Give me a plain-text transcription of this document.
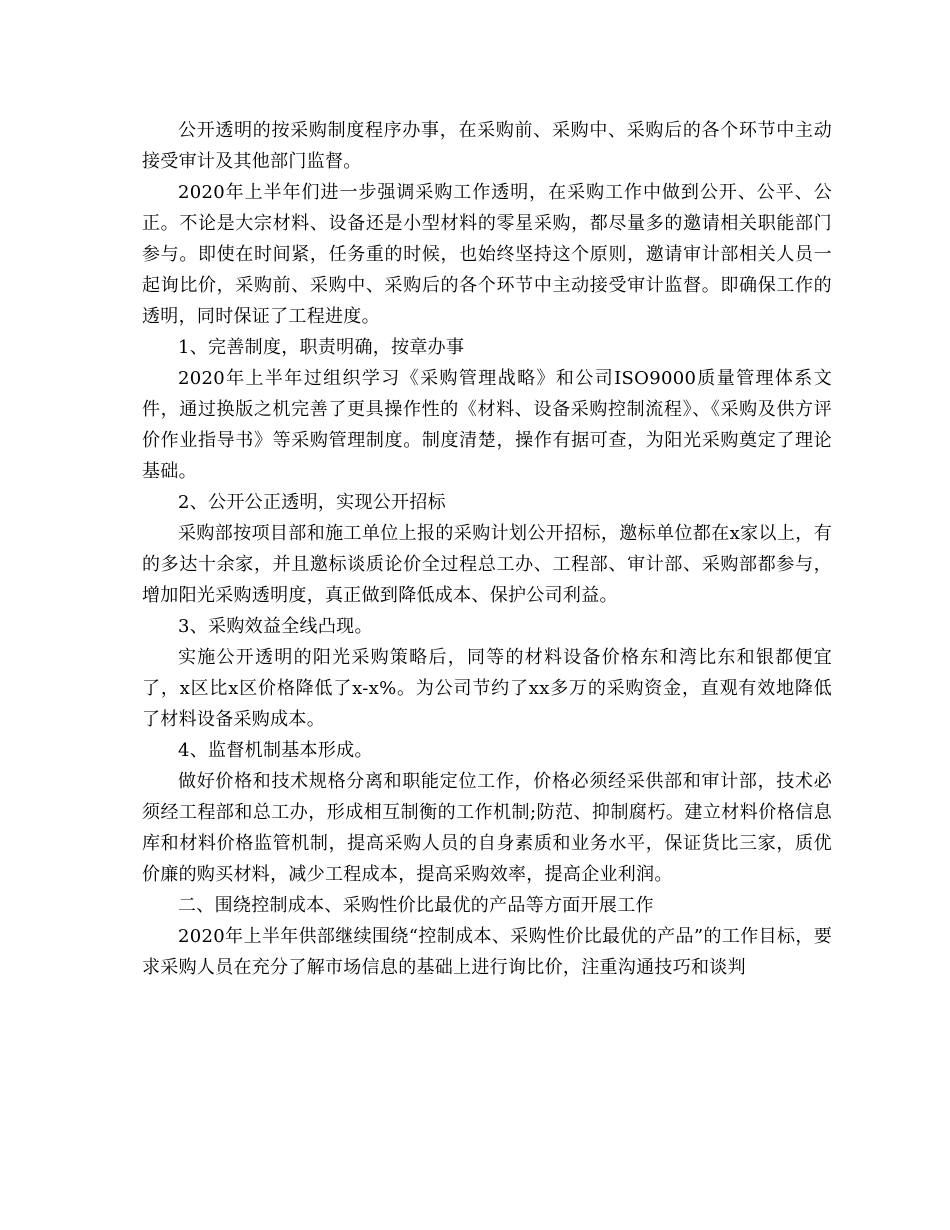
公开透明的按采购制度程序办事，在采购前、采购中、采购后的各个环节中主动接受审计及其他部门监督。

2020年上半年们进一步强调采购工作透明，在采购工作中做到公开、公平、公正。不论是大宗材料、设备还是小型材料的零星采购，都尽量多的邀请相关职能部门参与。即使在时间紧，任务重的时候，也始终坚持这个原则，邀请审计部相关人员一起询比价，采购前、采购中、采购后的各个环节中主动接受审计监督。即确保工作的透明，同时保证了工程进度。

1、完善制度，职责明确，按章办事

2020年上半年过组织学习《采购管理战略》和公司ISO9000质量管理体系文件，通过换版之机完善了更具操作性的《材料、设备采购控制流程》、《采购及供方评价作业指导书》等采购管理制度。制度清楚，操作有据可查，为阳光采购奠定了理论基础。

2、公开公正透明，实现公开招标

采购部按项目部和施工单位上报的采购计划公开招标，邀标单位都在x家以上，有的多达十余家，并且邀标谈质论价全过程总工办、工程部、审计部、采购部都参与，增加阳光采购透明度，真正做到降低成本、保护公司利益。

3、采购效益全线凸现。

实施公开透明的阳光采购策略后，同等的材料设备价格东和湾比东和银都便宜了，x区比x区价格降低了x-x%。为公司节约了xx多万的采购资金，直观有效地降低了材料设备采购成本。

4、监督机制基本形成。

做好价格和技术规格分离和职能定位工作，价格必须经采供部和审计部，技术必须经工程部和总工办，形成相互制衡的工作机制;防范、抑制腐朽。建立材料价格信息库和材料价格监管机制，提高采购人员的自身素质和业务水平，保证货比三家，质优价廉的购买材料，减少工程成本，提高采购效率，提高企业利润。

二、围绕控制成本、采购性价比最优的产品等方面开展工作

2020年上半年供部继续围绕“控制成本、采购性价比最优的产品”的工作目标，要求采购人员在充分了解市场信息的基础上进行询比价，注重沟通技巧和谈判
